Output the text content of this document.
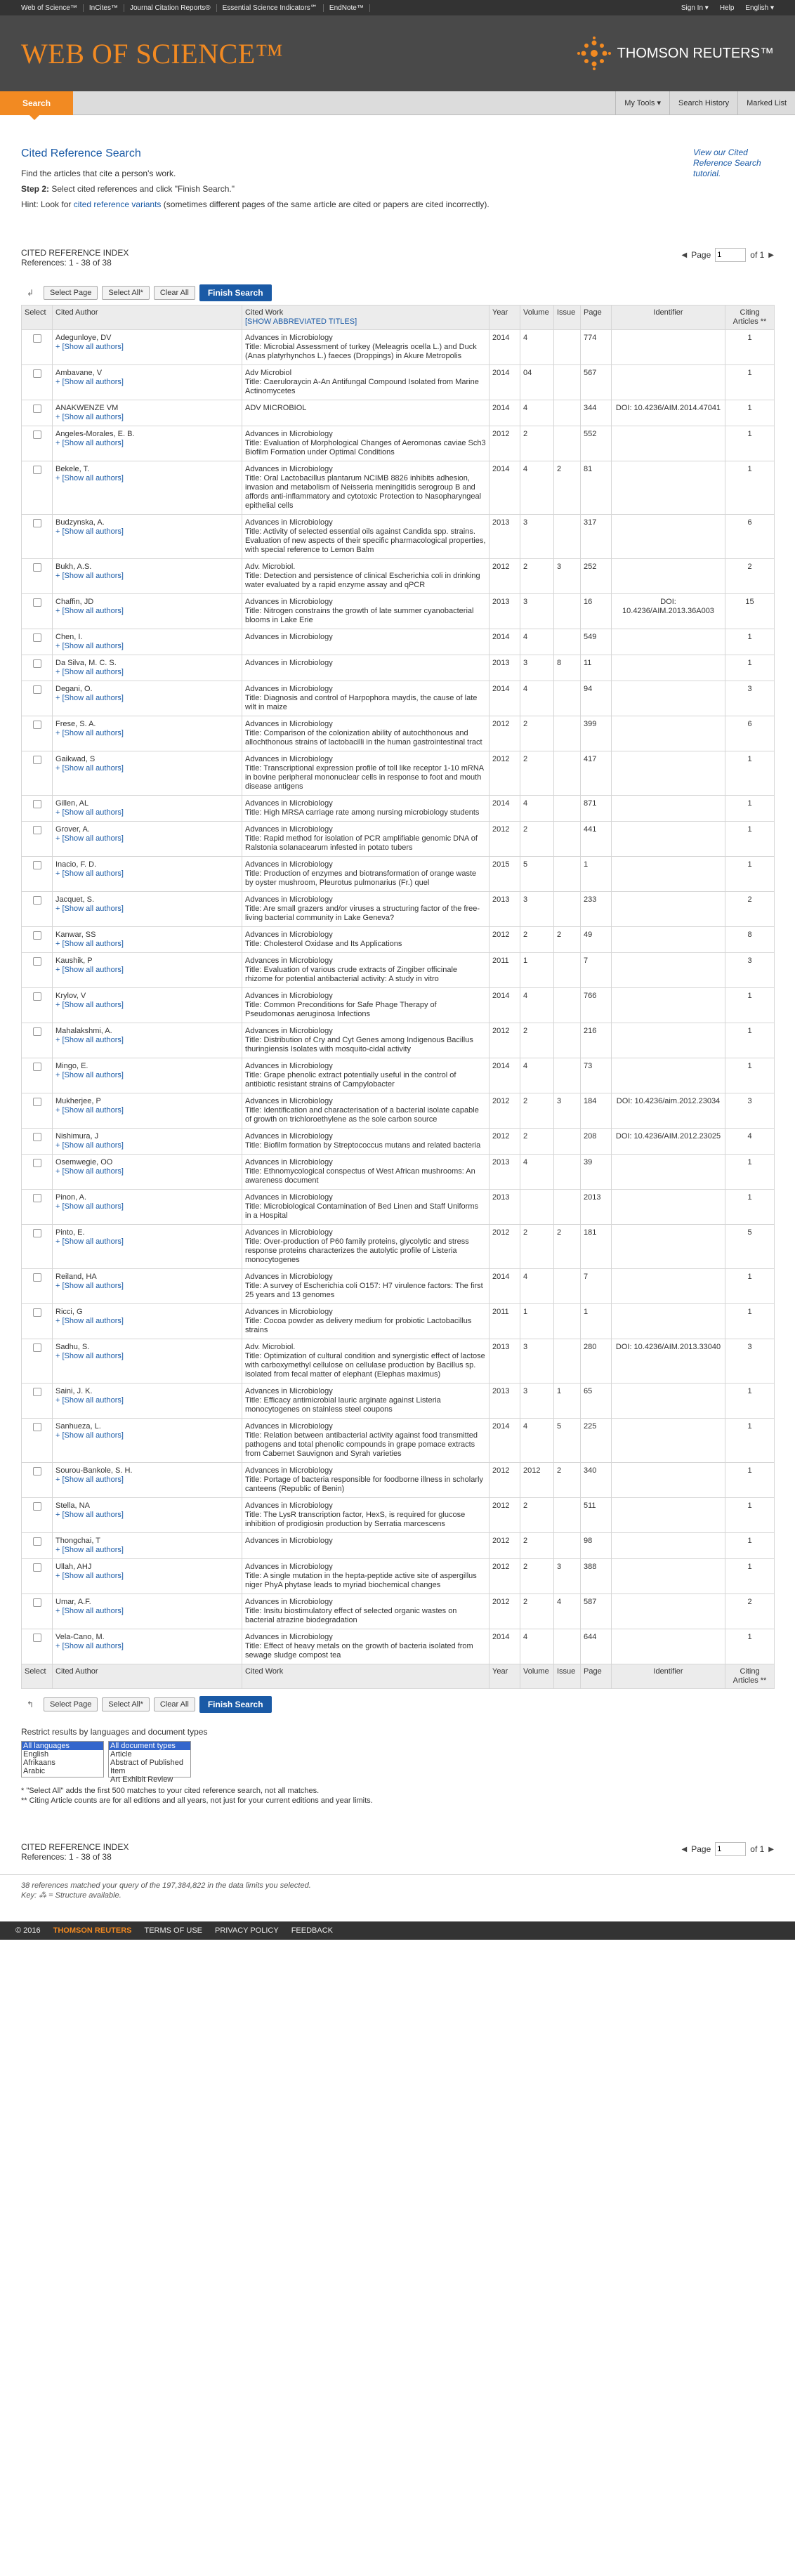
Web of Science™	InCites™	Journal Citation Reports®	Essential Science Indicators℠	EndNote™	Sign In ▾	Help	English ▾
WEB OF SCIENCE™	THOMSON REUTERS™
Search	My Tools ▾	Search History	Marked List
Cited Reference Search

Find the articles that cite a person's work.

Step 2: Select cited references and click "Finish Search."

Hint: Look for cited reference variants (sometimes different pages of the same article are cited or papers are cited incorrectly).

View our Cited Reference Search tutorial.
CITED REFERENCE INDEX
References: 1 - 38 of 38
◀ Page
1	of 1 ▶
↲	Select Page	Select All*	Clear All	Finish Search
Select	Cited Author	Cited Work
[SHOW ABBREVIATED TITLES]	Year	Volume	Issue	Page	Identifier	Citing Articles **
	Adegunloye, DV
+ [Show all authors]	Advances in Microbiology
Title: Microbial Assessment of turkey (Meleagris ocella L.) and Duck (Anas platyrhynchos L.) faeces (Droppings) in Akure Metropolis	2014	4		774		1
	Ambavane, V
+ [Show all authors]	Adv Microbiol
Title: Caeruloraycin A-An Antifungal Compound Isolated from Marine Actinomycetes	2014	04		567		1
	ANAKWENZE VM
+ [Show all authors]	ADV MICROBIOL	2014	4		344	DOI: 10.4236/AIM.2014.47041	1
	Angeles-Morales, E. B.
+ [Show all authors]	Advances in Microbiology
Title: Evaluation of Morphological Changes of Aeromonas caviae Sch3 Biofilm Formation under Optimal Conditions	2012	2		552		1
	Bekele, T.
+ [Show all authors]	Advances in Microbiology
Title: Oral Lactobacillus plantarum NCIMB 8826 inhibits adhesion, invasion and metabolism of Neisseria meningitidis serogroup B and affords anti-inflammatory and cytotoxic Protection to Nasopharyngeal epithelial cells	2014	4	2	81		1
	Budzynska, A.
+ [Show all authors]	Advances in Microbiology
Title: Activity of selected essential oils against Candida spp. strains. Evaluation of new aspects of their specific pharmacological properties, with special reference to Lemon Balm	2013	3		317		6
	Bukh, A.S.
+ [Show all authors]	Adv. Microbiol.
Title: Detection and persistence of clinical Escherichia coli in drinking water evaluated by a rapid enzyme assay and qPCR	2012	2	3	252		2
	Chaffin, JD
+ [Show all authors]	Advances in Microbiology
Title: Nitrogen constrains the growth of late summer cyanobacterial blooms in Lake Erie	2013	3		16	DOI: 10.4236/AIM.2013.36A003	15
	Chen, I.
+ [Show all authors]	Advances in Microbiology	2014	4		549		1
	Da Silva, M. C. S.
+ [Show all authors]	Advances in Microbiology	2013	3	8	11		1
	Degani, O.
+ [Show all authors]	Advances in Microbiology
Title: Diagnosis and control of Harpophora maydis, the cause of late wilt in maize	2014	4		94		3
	Frese, S. A.
+ [Show all authors]	Advances in Microbiology
Title: Comparison of the colonization ability of autochthonous and allochthonous strains of lactobacilli in the human gastrointestinal tract	2012	2		399		6
	Gaikwad, S
+ [Show all authors]	Advances in Microbiology
Title: Transcriptional expression profile of toll like receptor 1-10 mRNA in bovine peripheral mononuclear cells in response to foot and mouth disease antigens	2012	2		417		1
	Gillen, AL
+ [Show all authors]	Advances in Microbiology
Title: High MRSA carriage rate among nursing microbiology students	2014	4		871		1
	Grover, A.
+ [Show all authors]	Advances in Microbiology
Title: Rapid method for isolation of PCR amplifiable genomic DNA of Ralstonia solanacearum infested in potato tubers	2012	2		441		1
	Inacio, F. D.
+ [Show all authors]	Advances in Microbiology
Title: Production of enzymes and biotransformation of orange waste by oyster mushroom, Pleurotus pulmonarius (Fr.) quel	2015	5		1		1
	Jacquet, S.
+ [Show all authors]	Advances in Microbiology
Title: Are small grazers and/or viruses a structuring factor of the free-living bacterial community in Lake Geneva?	2013	3		233		2
	Kanwar, SS
+ [Show all authors]	Advances in Microbiology
Title: Cholesterol Oxidase and Its Applications	2012	2	2	49		8
	Kaushik, P
+ [Show all authors]	Advances in Microbiology
Title: Evaluation of various crude extracts of Zingiber officinale rhizome for potential antibacterial activity: A study in vitro	2011	1		7		3
	Krylov, V
+ [Show all authors]	Advances in Microbiology
Title: Common Preconditions for Safe Phage Therapy of Pseudomonas aeruginosa Infections	2014	4		766		1
	Mahalakshmi, A.
+ [Show all authors]	Advances in Microbiology
Title: Distribution of Cry and Cyt Genes among Indigenous Bacillus thuringiensis Isolates with mosquito-cidal activity	2012	2		216		1
	Mingo, E.
+ [Show all authors]	Advances in Microbiology
Title: Grape phenolic extract potentially useful in the control of antibiotic resistant strains of Campylobacter	2014	4		73		1
	Mukherjee, P
+ [Show all authors]	Advances in Microbiology
Title: Identification and characterisation of a bacterial isolate capable of growth on trichloroethylene as the sole carbon source	2012	2	3	184	DOI: 10.4236/aim.2012.23034	3
	Nishimura, J
+ [Show all authors]	Advances in Microbiology
Title: Biofilm formation by Streptococcus mutans and related bacteria	2012	2		208	DOI: 10.4236/AIM.2012.23025	4
	Osemwegie, OO
+ [Show all authors]	Advances in Microbiology
Title: Ethnomycological conspectus of West African mushrooms: An awareness document	2013	4		39		1
	Pinon, A.
+ [Show all authors]	Advances in Microbiology
Title: Microbiological Contamination of Bed Linen and Staff Uniforms in a Hospital	2013			2013		1
	Pinto, E.
+ [Show all authors]	Advances in Microbiology
Title: Over-production of P60 family proteins, glycolytic and stress response proteins characterizes the autolytic profile of Listeria monocytogenes	2012	2	2	181		5
	Reiland, HA
+ [Show all authors]	Advances in Microbiology
Title: A survey of Escherichia coli O157: H7 virulence factors: The first 25 years and 13 genomes	2014	4		7		1
	Ricci, G
+ [Show all authors]	Advances in Microbiology
Title: Cocoa powder as delivery medium for probiotic Lactobacillus strains	2011	1		1		1
	Sadhu, S.
+ [Show all authors]	Adv. Microbiol.
Title: Optimization of cultural condition and synergistic effect of lactose with carboxymethyl cellulose on cellulase production by Bacillus sp. isolated from fecal matter of elephant (Elephas maximus)	2013	3		280	DOI: 10.4236/AIM.2013.33040	3
	Saini, J. K.
+ [Show all authors]	Advances in Microbiology
Title: Efficacy antimicrobial lauric arginate against Listeria monocytogenes on stainless steel coupons	2013	3	1	65		1
	Sanhueza, L.
+ [Show all authors]	Advances in Microbiology
Title: Relation between antibacterial activity against food transmitted pathogens and total phenolic compounds in grape pomace extracts from Cabernet Sauvignon and Syrah varieties	2014	4	5	225		1
	Sourou-Bankole, S. H.
+ [Show all authors]	Advances in Microbiology
Title: Portage of bacteria responsible for foodborne illness in scholarly canteens (Republic of Benin)	2012	2012	2	340		1
	Stella, NA
+ [Show all authors]	Advances in Microbiology
Title: The LysR transcription factor, HexS, is required for glucose inhibition of prodigiosin production by Serratia marcescens	2012	2		511		1
	Thongchai, T
+ [Show all authors]	Advances in Microbiology	2012	2		98		1
	Ullah, AHJ
+ [Show all authors]	Advances in Microbiology
Title: A single mutation in the hepta-peptide active site of aspergillus niger PhyA phytase leads to myriad biochemical changes	2012	2	3	388		1
	Umar, A.F.
+ [Show all authors]	Advances in Microbiology
Title: Insitu biostimulatory effect of selected organic wastes on bacterial atrazine biodegradation	2012	2	4	587		2
	Vela-Cano, M.
+ [Show all authors]	Advances in Microbiology
Title: Effect of heavy metals on the growth of bacteria isolated from sewage sludge compost tea	2014	4		644		1
Select	Cited Author	Cited Work	Year	Volume	Issue	Page	Identifier	Citing Articles **
↰	Select Page	Select All*	Clear All	Finish Search
Restrict results by languages and document types
All languages
English
Afrikaans
Arabic
All document types
Article
Abstract of Published Item
Art Exhibit Review
* "Select All" adds the first 500 matches to your cited reference search, not all matches.
** Citing Article counts are for all editions and all years, not just for your current editions and year limits.
CITED REFERENCE INDEX
References: 1 - 38 of 38
◀ Page
1	of 1 ▶
38 references matched your query of the 197,384,822 in the data limits you selected.
Key: ⁂ = Structure available.
© 2016 THOMSON REUTERS TERMS OF USE PRIVACY POLICY FEEDBACK
